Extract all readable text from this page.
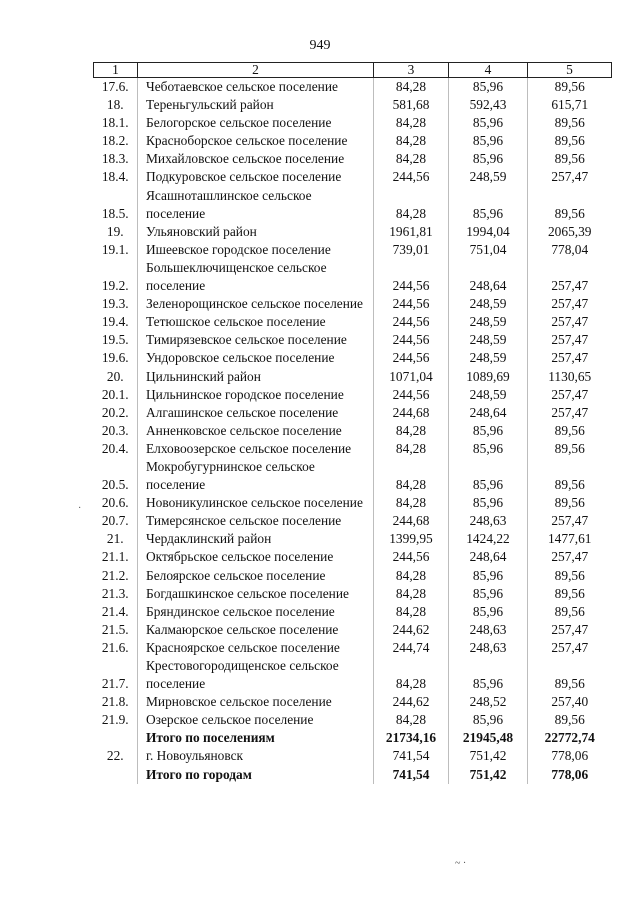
949
1	2	3	4	5
17.6.	Чеботаевское сельское поселение	84,28	85,96	89,56
18.	Тереньгульский район	581,68	592,43	615,71
18.1.	Белогорское сельское поселение	84,28	85,96	89,56
18.2.	Красноборское сельское поселение	84,28	85,96	89,56
18.3.	Михайловское сельское поселение	84,28	85,96	89,56
18.4.	Подкуровское сельское поселение	244,56	248,59	257,47
18.5.	Ясашноташлинское сельское поселение	84,28	85,96	89,56
19.	Ульяновский район	1961,81	1994,04	2065,39
19.1.	Ишеевское городское поселение	739,01	751,04	778,04
19.2.	Большеключищенское сельское поселение	244,56	248,64	257,47
19.3.	Зеленорощинское сельское поселение	244,56	248,59	257,47
19.4.	Тетюшское сельское поселение	244,56	248,59	257,47
19.5.	Тимирязевское сельское поселение	244,56	248,59	257,47
19.6.	Ундоровское сельское поселение	244,56	248,59	257,47
20.	Цильнинский район	1071,04	1089,69	1130,65
20.1.	Цильнинское городское поселение	244,56	248,59	257,47
20.2.	Алгашинское сельское поселение	244,68	248,64	257,47
20.3.	Анненковское сельское поселение	84,28	85,96	89,56
20.4.	Елховоозерское сельское поселение	84,28	85,96	89,56
20.5.	Мокробугурнинское сельское поселение	84,28	85,96	89,56
20.6.	Новоникулинское сельское поселение	84,28	85,96	89,56
20.7.	Тимерсянское сельское поселение	244,68	248,63	257,47
21.	Чердаклинский район	1399,95	1424,22	1477,61
21.1.	Октябрьское сельское поселение	244,56	248,64	257,47
21.2.	Белоярское сельское поселение	84,28	85,96	89,56
21.3.	Богдашкинское сельское поселение	84,28	85,96	89,56
21.4.	Бряндинское сельское поселение	84,28	85,96	89,56
21.5.	Калмаюрское сельское поселение	244,62	248,63	257,47
21.6.	Красноярское сельское поселение	244,74	248,63	257,47
21.7.	Крестовогородищенское сельское поселение	84,28	85,96	89,56
21.8.	Мирновское сельское поселение	244,62	248,52	257,40
21.9.	Озерское сельское поселение	84,28	85,96	89,56
	Итого по поселениям	21734,16	21945,48	22772,74
22.	г. Новоульяновск	741,54	751,42	778,06
	Итого по городам	741,54	751,42	778,06
·
~ ·
